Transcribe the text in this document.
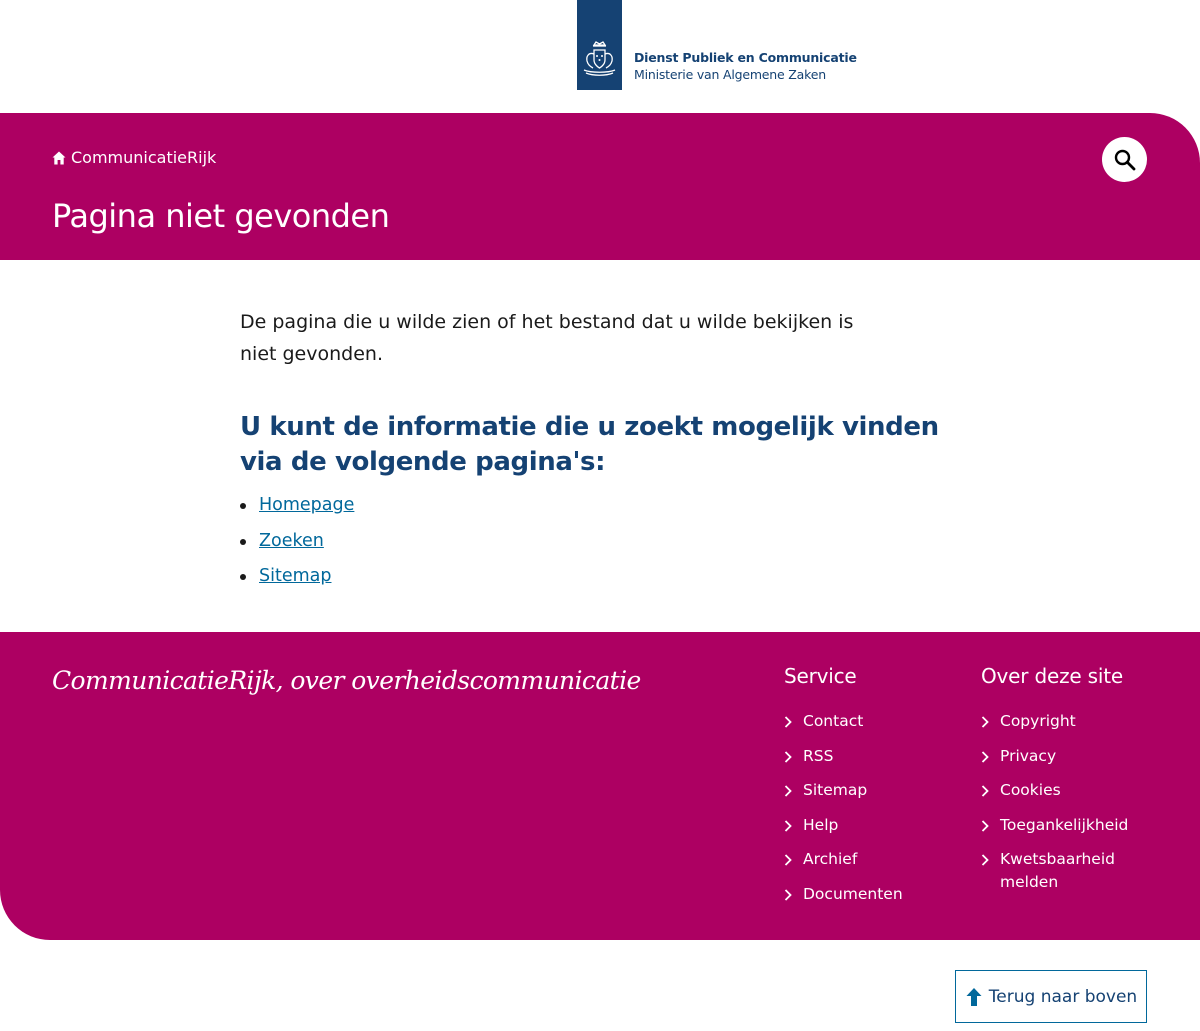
Dienst Publiek en Communicatie
Ministerie van Algemene Zaken
CommunicatieRijk
Pagina niet gevonden

De pagina die u wilde zien of het bestand dat u wilde bekijken is niet gevonden.

U kunt de informatie die u zoekt mogelijk vinden via de volgende pagina's:
Homepage
Zoeken
Sitemap
CommunicatieRijk, over overheidscommunicatie	Service
Contact
RSS
Sitemap
Help
Archief
Documenten
Over deze site
Copyright
Privacy
Cookies
Toegankelijkheid
Kwetsbaarheid melden
Terug naar boven
